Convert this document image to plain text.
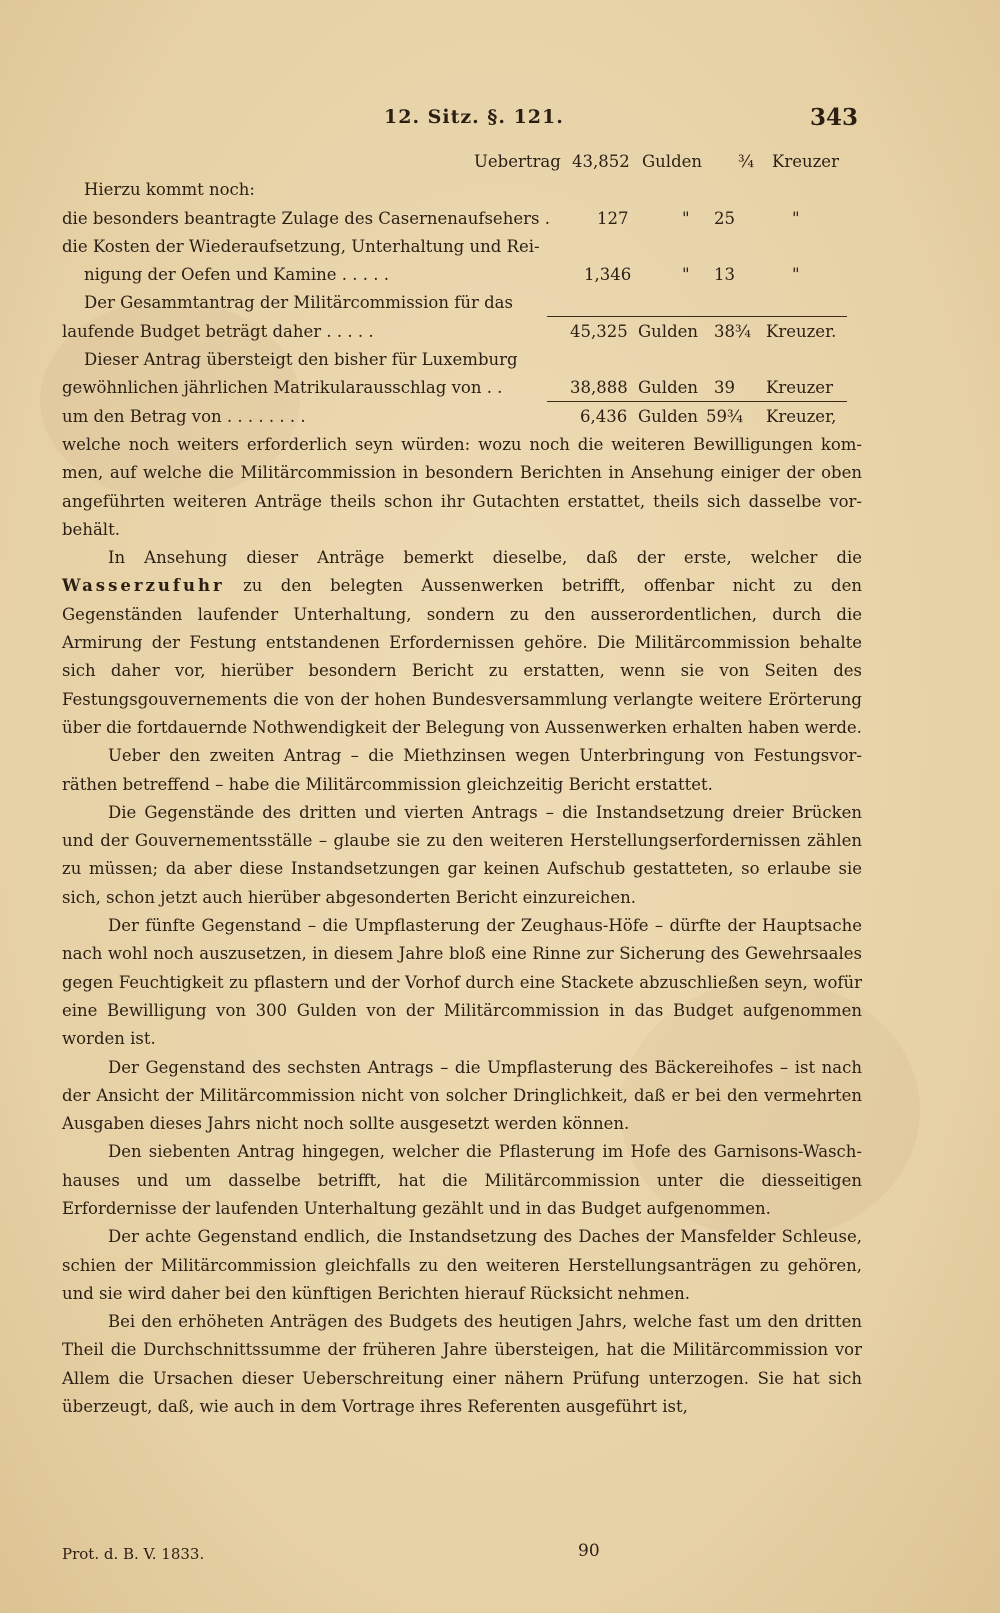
12. Sitz. §. 121.	343
Uebertrag 43,852 Gulden ¾ Kreuzer
Hierzu kommt noch:
die besonders beantragte Zulage des Casernenaufsehers .	127	" 25	"
die Kosten der Wiederaufsetzung, Unterhaltung und Rei-
nigung der Oefen und Kamine . . . . .	1,346	" 13	"
Der Gesammtantrag der Militärcommission für das
laufende Budget beträgt daher . . . . .	45,325 Gulden 38¾ Kreuzer.
Dieser Antrag übersteigt den bisher für Luxemburg
gewöhnlichen jährlichen Matrikularausschlag von . .	38,888 Gulden 39 Kreuzer
um den Betrag von . . . . . . . .	6,436 Gulden 59¾ Kreuzer,

welche noch weiters erforderlich seyn würden: wozu noch die weiteren Bewilligungen kommen, auf welche die Militärcommission in besondern Berichten in Ansehung einiger der oben angeführten weiteren Anträge theils schon ihr Gutachten erstattet, theils sich dasselbe vorbehält.

In Ansehung dieser Anträge bemerkt dieselbe, daß der erste, welcher die Wasserzufuhr zu den belegten Aussenwerken betrifft, offenbar nicht zu den Gegenständen laufender Unterhaltung, sondern zu den ausserordentlichen, durch die Armirung der Festung entstandenen Erfordernissen gehöre. Die Militärcommission behalte sich daher vor, hierüber besondern Bericht zu erstatten, wenn sie von Seiten des Festungsgouvernements die von der hohen Bundesversammlung verlangte weitere Erörterung über die fortdauernde Nothwendigkeit der Belegung von Aussenwerken erhalten haben werde.

Ueber den zweiten Antrag – die Miethzinsen wegen Unterbringung von Festungsvorräthen betreffend – habe die Militärcommission gleichzeitig Bericht erstattet.

Die Gegenstände des dritten und vierten Antrags – die Instandsetzung dreier Brücken und der Gouvernementsställe – glaube sie zu den weiteren Herstellungserfordernissen zählen zu müssen; da aber diese Instandsetzungen gar keinen Aufschub gestatteten, so erlaube sie sich, schon jetzt auch hierüber abgesonderten Bericht einzureichen.

Der fünfte Gegenstand – die Umpflasterung der Zeughaus-Höfe – dürfte der Hauptsache nach wohl noch auszusetzen, in diesem Jahre bloß eine Rinne zur Sicherung des Gewehrsaales gegen Feuchtigkeit zu pflastern und der Vorhof durch eine Stackete abzuschließen seyn, wofür eine Bewilligung von 300 Gulden von der Militärcommission in das Budget aufgenommen worden ist.

Der Gegenstand des sechsten Antrags – die Umpflasterung des Bäckereihofes – ist nach der Ansicht der Militärcommission nicht von solcher Dringlichkeit, daß er bei den vermehrten Ausgaben dieses Jahrs nicht noch sollte ausgesetzt werden können.

Den siebenten Antrag hingegen, welcher die Pflasterung im Hofe des Garnisons-Waschhauses und um dasselbe betrifft, hat die Militärcommission unter die diesseitigen Erfordernisse der laufenden Unterhaltung gezählt und in das Budget aufgenommen.

Der achte Gegenstand endlich, die Instandsetzung des Daches der Mansfelder Schleuse, schien der Militärcommission gleichfalls zu den weiteren Herstellungsanträgen zu gehören, und sie wird daher bei den künftigen Berichten hierauf Rücksicht nehmen.

Bei den erhöheten Anträgen des Budgets des heutigen Jahrs, welche fast um den dritten Theil die Durchschnittssumme der früheren Jahre übersteigen, hat die Militärcommission vor Allem die Ursachen dieser Ueberschreitung einer nähern Prüfung unterzogen. Sie hat sich überzeugt, daß, wie auch in dem Vortrage ihres Referenten ausgeführt ist,

Prot. d. B. V. 1833.	90
